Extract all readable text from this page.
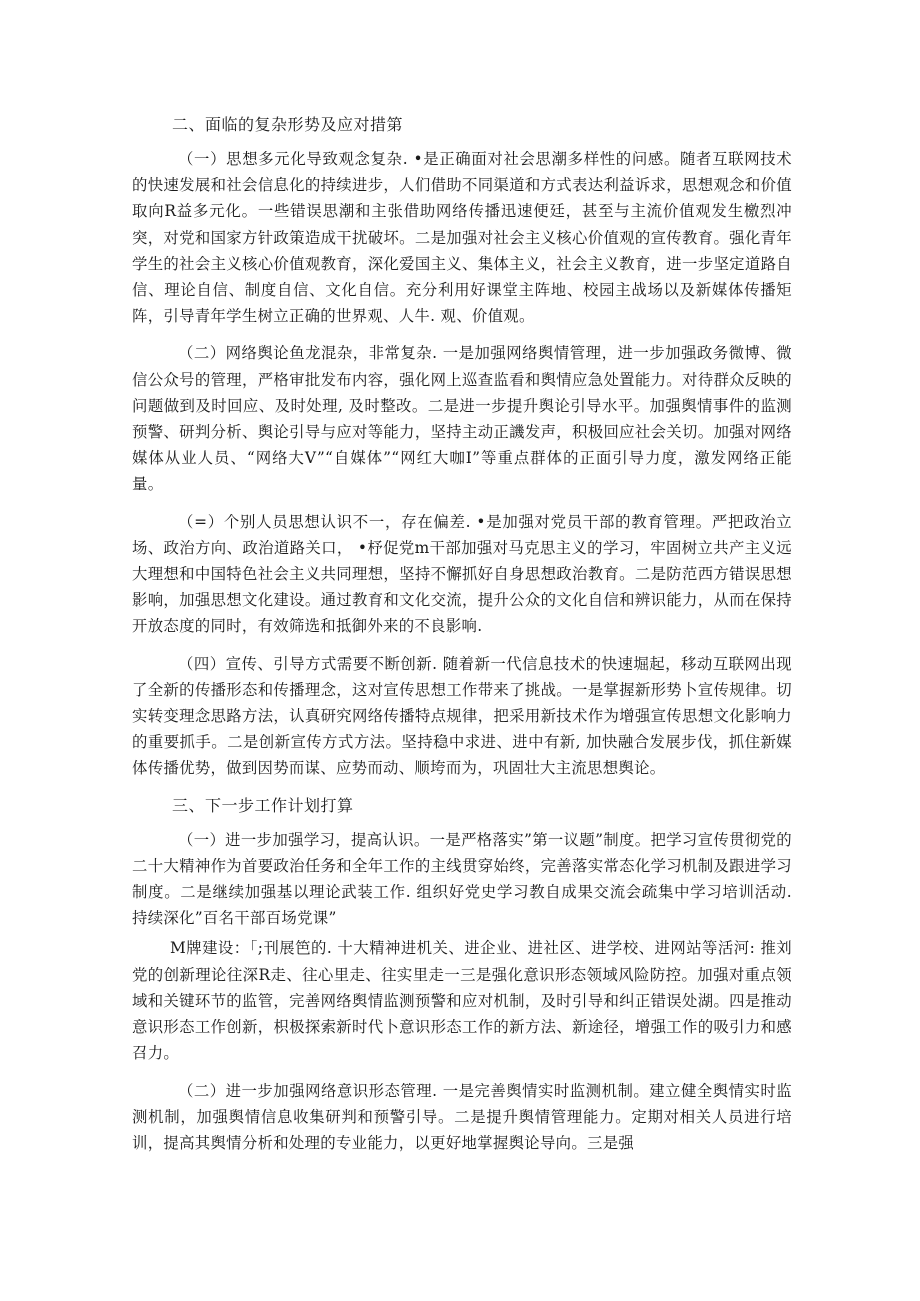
二、面临的复杂形势及应对措第

（一）思想多元化导致观念复杂. •是正确面对社会思潮多样性的问感。随者互联网技术的快速发展和社会信息化的持续进步，人们借助不同渠道和方式表达利益诉求，思想观念和价值取向R益多元化。一些错误思潮和主张借助网络传播迅速便廷，甚至与主流价值观发生檄烈冲突，对党和国家方针政策造成干扰破坏。二是加强对社会主义核心价值观的宣传教育。强化青年学生的社会主义核心价值观教育，深化爱国主义、集体主义，社会主义教育，进一步坚定道路自信、理论自信、制度自信、文化自信。充分利用好课堂主阵地、校园主战场以及新媒体传播矩阵，引导青年学生树立正确的世界观、人牛. 观、价值观。

（二）网络舆论鱼龙混杂，非常复杂. 一是加强网络舆情管理，进一步加强政务微博、微信公众号的管理，严格审批发布内容，强化网上巡查监看和舆情应急处置能力。对待群众反映的问题做到及时回应、及时处理, 及时整改。二是进一步提升舆论引导水平。加强舆情事件的监测预警、研判分析、舆论引导与应对等能力，坚持主动正譏发声，积极回应社会关切。加强对网络媒体从业人员、“网络大V”“自媒体”“网红大咖I”等重点群体的正面引导力度，激发网络正能量。

（=）个别人员思想认识不一，存在偏差. •是加强对党员干部的教育管理。严把政治立场、政治方向、政治道路关口， •杼促党m干部加强对马克思主义的学习，牢固树立共产主义远大理想和中国特色社会主义共同理想，坚持不懈抓好自身思想政治教育。二是防范西方错误思想影响，加强思想文化建设。通过教育和文化交流，提升公众的文化自信和辨识能力，从而在保持开放态度的同时，有效筛选和抵御外来的不良影响.

（四）宣传、引导方式需要不断创新. 随着新一代信息技术的快速堀起，移动互联网出现了全新的传播形态和传播理念，这对宣传思想工作带来了挑战。一是掌握新形势卜宣传规律。切实转变理念思路方法，认真研究网络传播特点规律，把采用新技术作为增强宣传思想文化影响力的重要抓手。二是创新宣传方式方法。坚持稳中求进、进中有新, 加快融合发展步伐，抓住新媒体传播优势，做到因势而谋、应势而动、顺垮而为，巩固壮大主流思想舆论。

三、下一步工作计划打算

（一）进一步加强学习，提高认识。一是严格落实”第一议题”制度。把学习宣传贯彻党的二十大精神作为首要政治任务和全年工作的主线贯穿始终，完善落实常态化学习机制及跟进学习制度。二是继续加强基以理论武装工作. 组织好党史学习教自成果交流会疏集中学习培训活动. 持续深化”百名干部百场党课”

M牌建设：「;刊展笆的. 十大精神进机关、进企业、进社区、进学校、进网站等活河: 推刘党的创新理论往深R走、往心里走、往实里走一三是强化意识形态领域风险防控。加强对重点领域和关键环节的监管，完善网络舆情监测预警和应对机制，及时引导和纠正错误处湖。四是推动意识形态工作创新，枳极探索新时代卜意识形态工作的新方法、新途径，增强工作的吸引力和感召力。

（二）进一步加强网络意识形态管理. 一是完善舆情实时监测机制。建立健全舆情实时监测机制，加强舆情信息收集研判和预警引导。二是提升舆情管理能力。定期对相关人员进行培训，提高其舆情分析和处理的专业能力，以更好地掌握舆论导向。三是强
